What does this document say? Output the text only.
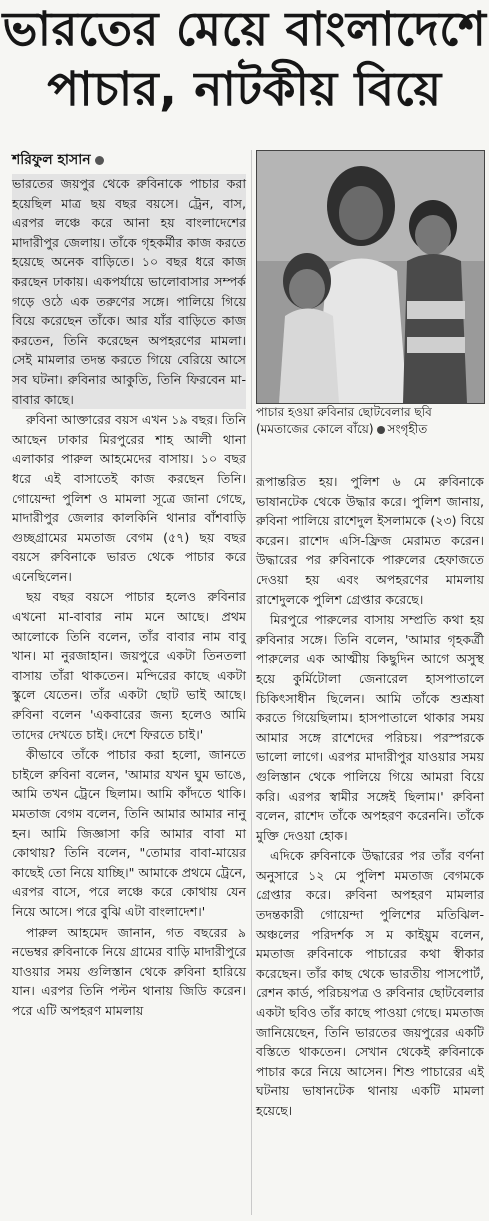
ভারতের মেয়ে বাংলাদেশে
পাচার, নাটকীয় বিয়ে
শরিফুল হাসান

ভারতের জয়পুর থেকে রুবিনাকে পাচার করা হয়েছিল মাত্র ছয় বছর বয়সে। ট্রেন, বাস, এরপর লঞ্চে করে আনা হয় বাংলাদেশের মাদারীপুর জেলায়। তাঁকে গৃহকর্মীর কাজ করতে হয়েছে অনেক বাড়িতে। ১০ বছর ধরে কাজ করছেন ঢাকায়। একপর্যায়ে ভালোবাসার সম্পর্ক গড়ে ওঠে এক তরুণের সঙ্গে। পালিয়ে গিয়ে বিয়ে করেছেন তাঁকে। আর যাঁর বাড়িতে কাজ করতেন, তিনি করেছেন অপহরণের মামলা। সেই মামলার তদন্ত করতে গিয়ে বেরিয়ে আসে সব ঘটনা। রুবিনার আকুতি, তিনি ফিরবেন মা-বাবার কাছে।

রুবিনা আক্তারের বয়স এখন ১৯ বছর। তিনি আছেন ঢাকার মিরপুরের শাহ আলী থানা এলাকার পারুল আহমেদের বাসায়। ১০ বছর ধরে এই বাসাতেই কাজ করছেন তিনি। গোয়েন্দা পুলিশ ও মামলা সূত্রে জানা গেছে, মাদারীপুর জেলার কালকিনি থানার বাঁশবাড়ি গুচ্ছগ্রামের মমতাজ বেগম (৫৭) ছয় বছর বয়সে রুবিনাকে ভারত থেকে পাচার করে এনেছিলেন।

ছয় বছর বয়সে পাচার হলেও রুবিনার এখনো মা-বাবার নাম মনে আছে। প্রথম আলোকে তিনি বলেন, তাঁর বাবার নাম বাবু খান। মা নুরজাহান। জয়পুরে একটা তিনতলা বাসায় তাঁরা থাকতেন। মন্দিরের কাছে একটা স্কুলে যেতেন। তাঁর একটা ছোট ভাই আছে। রুবিনা বলেন 'একবারের জন্য হলেও আমি তাদের দেখতে চাই। দেশে ফিরতে চাই।'

কীভাবে তাঁকে পাচার করা হলো, জানতে চাইলে রুবিনা বলেন, 'আমার যখন ঘুম ভাঙে, আমি তখন ট্রেনে ছিলাম। আমি কাঁদতে থাকি। মমতাজ বেগম বলেন, তিনি আমার আমার নানু হন। আমি জিজ্ঞাসা করি আমার বাবা মা কোথায়? তিনি বলেন, "তোমার বাবা-মায়ের কাছেই তো নিয়ে যাচ্ছি।" আমাকে প্রথমে ট্রেনে, এরপর বাসে, পরে লঞ্চে করে কোথায় যেন নিয়ে আসে। পরে বুঝি এটা বাংলাদেশ।'

পারুল আহমেদ জানান, গত বছরের ৯ নভেম্বর রুবিনাকে নিয়ে গ্রামের বাড়ি মাদারীপুরে যাওয়ার সময় গুলিস্তান থেকে রুবিনা হারিয়ে যান। এরপর তিনি পল্টন থানায় জিডি করেন। পরে এটি অপহরণ মামলায়

পাচার হওয়া রুবিনার ছোটবেলার ছবি (মমতাজের কোলে বাঁয়ে) সংগৃহীত

রূপান্তরিত হয়। পুলিশ ৬ মে রুবিনাকে ভাষানটেক থেকে উদ্ধার করে। পুলিশ জানায়, রুবিনা পালিয়ে রাশেদুল ইসলামকে (২৩) বিয়ে করেন। রাশেদ এসি-ফ্রিজ মেরামত করেন। উদ্ধারের পর রুবিনাকে পারুলের হেফাজতে দেওয়া হয় এবং অপহরণের মামলায় রাশেদুলকে পুলিশ গ্রেপ্তার করেছে।

মিরপুরে পারুলের বাসায় সম্প্রতি কথা হয় রুবিনার সঙ্গে। তিনি বলেন, 'আমার গৃহকর্ত্রী পারুলের এক আত্মীয় কিছুদিন আগে অসুস্থ হয়ে কুর্মিটোলা জেনারেল হাসপাতালে চিকিৎসাধীন ছিলেন। আমি তাঁকে শুশ্রূষা করতে গিয়েছিলাম। হাসপাতালে থাকার সময় আমার সঙ্গে রাশেদের পরিচয়। পরস্পরকে ভালো লাগে। এরপর মাদারীপুর যাওয়ার সময় গুলিস্তান থেকে পালিয়ে গিয়ে আমরা বিয়ে করি। এরপর স্বামীর সঙ্গেই ছিলাম।' রুবিনা বলেন, রাশেদ তাঁকে অপহরণ করেননি। তাঁকে মুক্তি দেওয়া হোক।

এদিকে রুবিনাকে উদ্ধারের পর তাঁর বর্ণনা অনুসারে ১২ মে পুলিশ মমতাজ বেগমকে গ্রেপ্তার করে। রুবিনা অপহরণ মামলার তদন্তকারী গোয়েন্দা পুলিশের মতিঝিল-অঞ্চলের পরিদর্শক স ম কাইয়ুম বলেন, মমতাজ রুবিনাকে পাচারের কথা স্বীকার করেছেন। তাঁর কাছ থেকে ভারতীয় পাসপোর্ট, রেশন কার্ড, পরিচয়পত্র ও রুবিনার ছোটবেলার একটা ছবিও তাঁর কাছে পাওয়া গেছে। মমতাজ জানিয়েছেন, তিনি ভারতের জয়পুরের একটি বস্তিতে থাকতেন। সেখান থেকেই রুবিনাকে পাচার করে নিয়ে আসেন। শিশু পাচারের এই ঘটনায় ভাষানটেক থানায় একটি মামলা হয়েছে।
